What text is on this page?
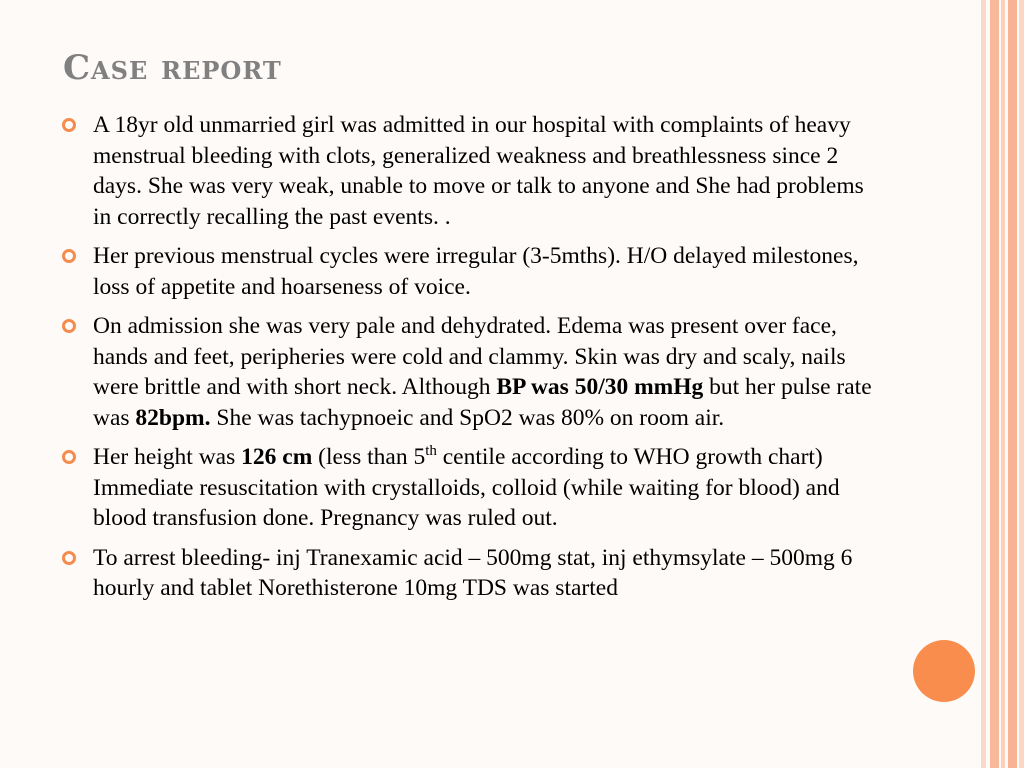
Case report
A 18yr old unmarried girl was admitted in our hospital with complaints of heavy menstrual bleeding with clots, generalized weakness and breathlessness since 2 days. She was very weak, unable to move or talk to anyone and She had problems in correctly recalling the past events. .
Her previous menstrual cycles were irregular (3-5mths). H/O delayed milestones, loss of appetite and hoarseness of voice.
On admission she was very pale and dehydrated. Edema was present over face, hands and feet, peripheries were cold and clammy. Skin was dry and scaly, nails were brittle and with short neck. Although BP was 50/30 mmHg but her pulse rate was 82bpm. She was tachypnoeic and SpO2 was 80% on room air.
Her height was 126 cm (less than 5th centile according to WHO growth chart) Immediate resuscitation with crystalloids, colloid (while waiting for blood) and blood transfusion done. Pregnancy was ruled out.
To arrest bleeding- inj Tranexamic acid – 500mg stat, inj ethymsylate – 500mg 6 hourly and tablet Norethisterone 10mg TDS was started
